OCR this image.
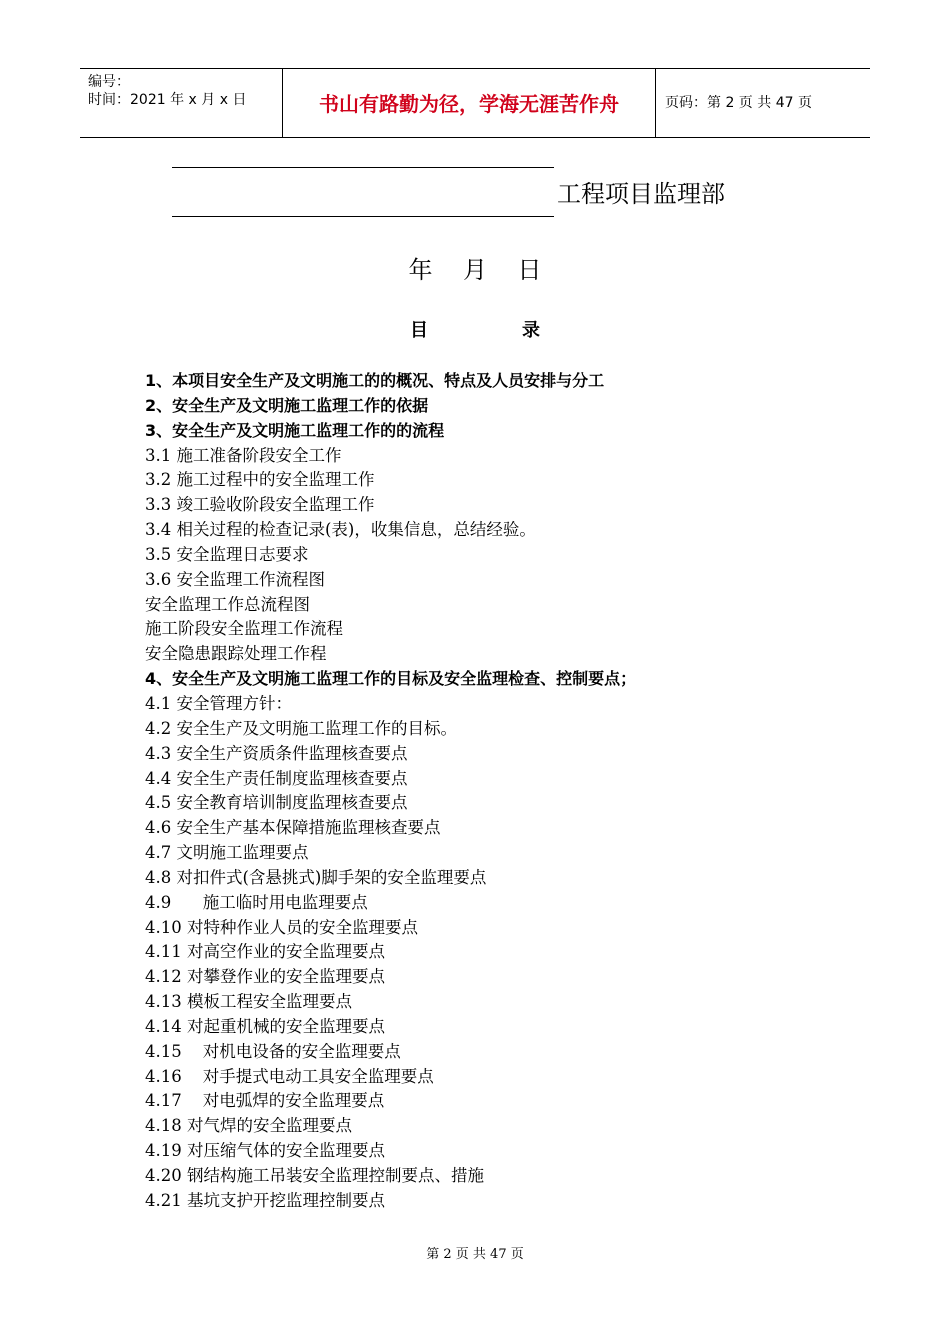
编号：
时间：2021 年 x 月 x 日	书山有路勤为径，学海无涯苦作舟	页码：第 2 页 共 47 页
工程项目监理部
年    月    日
目               录
1、本项目安全生产及文明施工的的概况、特点及人员安排与分工
2、安全生产及文明施工监理工作的依据
3、安全生产及文明施工监理工作的的流程
3.1 施工准备阶段安全工作
3.2 施工过程中的安全监理工作
3.3 竣工验收阶段安全监理工作
3.4 相关过程的检查记录(表)，收集信息，总结经验。
3.5 安全监理日志要求
3.6 安全监理工作流程图
安全监理工作总流程图
施工阶段安全监理工作流程
安全隐患跟踪处理工作程
4、安全生产及文明施工监理工作的目标及安全监理检查、控制要点；
4.1 安全管理方针：
4.2 安全生产及文明施工监理工作的目标。
4.3 安全生产资质条件监理核查要点
4.4 安全生产责任制度监理核查要点
4.5 安全教育培训制度监理核查要点
4.6 安全生产基本保障措施监理核查要点
4.7 文明施工监理要点
4.8 对扣件式(含悬挑式)脚手架的安全监理要点
4.9      施工临时用电监理要点
4.10 对特种作业人员的安全监理要点
4.11 对高空作业的安全监理要点
4.12 对攀登作业的安全监理要点
4.13 模板工程安全监理要点
4.14 对起重机械的安全监理要点
4.15    对机电设备的安全监理要点
4.16    对手提式电动工具安全监理要点
4.17    对电弧焊的安全监理要点
4.18 对气焊的安全监理要点
4.19 对压缩气体的安全监理要点
4.20 钢结构施工吊装安全监理控制要点、措施
4.21 基坑支护开挖监理控制要点
第 2 页 共 47 页
